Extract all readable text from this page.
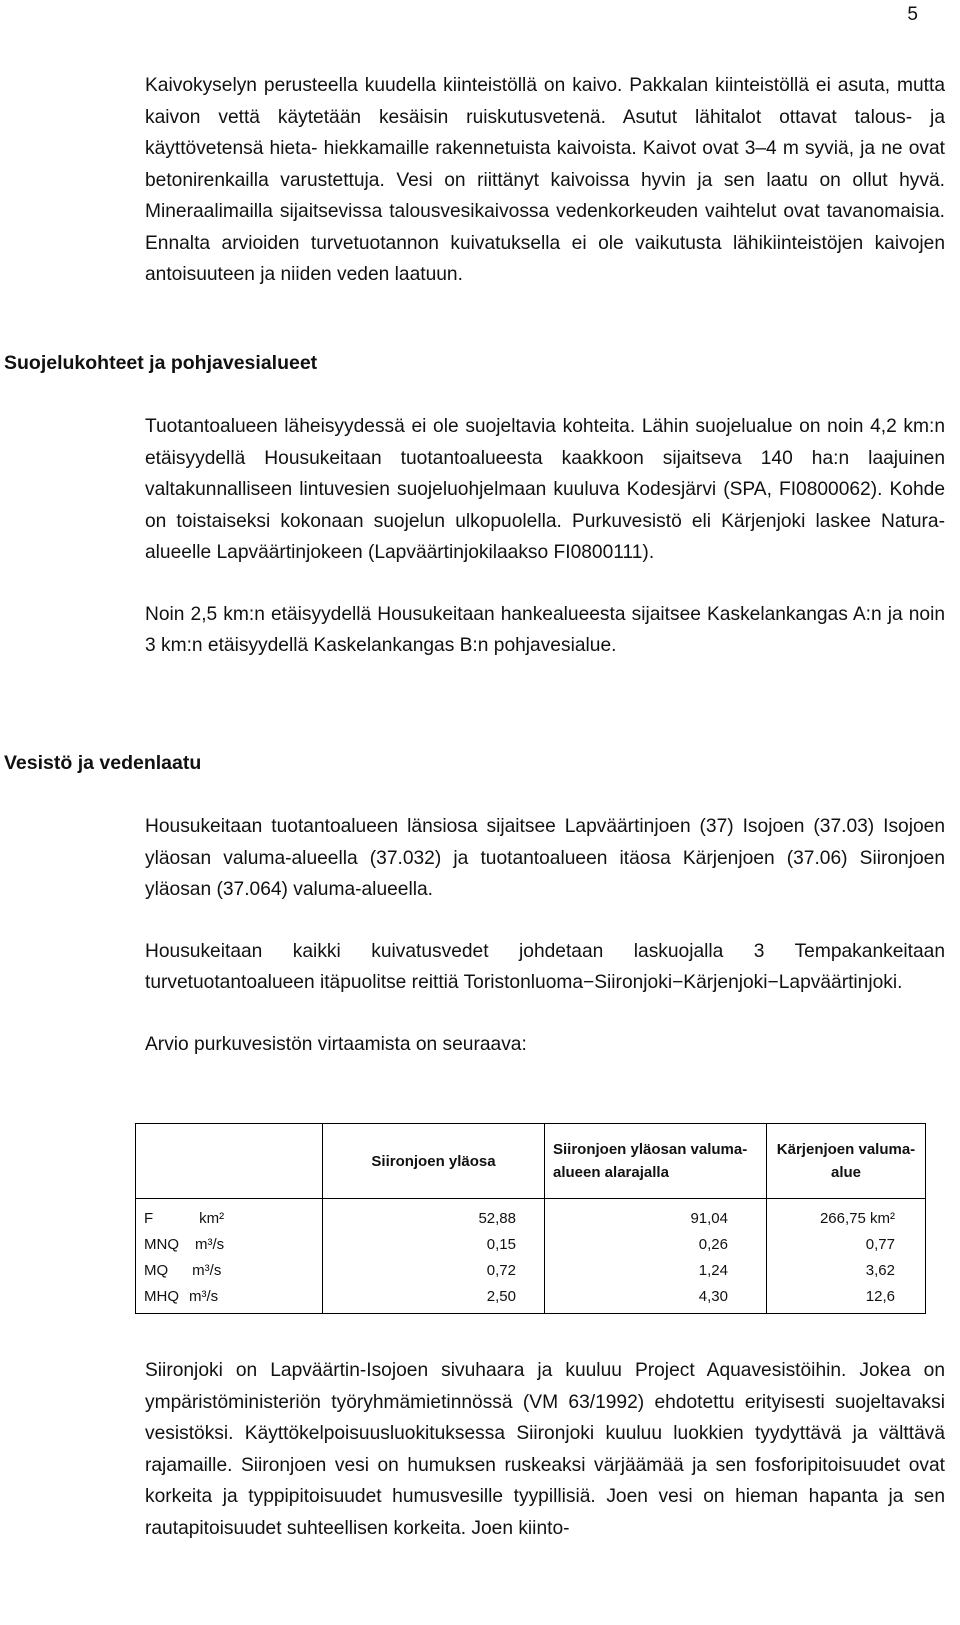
5

Kaivokyselyn perusteella kuudella kiinteistöllä on kaivo. Pakkalan kiinteistöllä ei asuta, mutta kaivon vettä käytetään kesäisin ruiskutusvetenä. Asutut lähitalot ottavat talous- ja käyttövetensä hieta- hiekkamaille rakennetuista kaivoista. Kaivot ovat 3–4 m syviä, ja ne ovat betonirenkailla varustettuja. Vesi on riittänyt kaivoissa hyvin ja sen laatu on ollut hyvä. Mineraalimailla sijaitsevissa talousvesikaivossa vedenkorkeuden vaihtelut ovat tavanomaisia. Ennalta arvioiden turvetuotannon kuivatuksella ei ole vaikutusta lähikiinteistöjen kaivojen antoisuuteen ja niiden veden laatuun.

Suojelukohteet ja pohjavesialueet

Tuotantoalueen läheisyydessä ei ole suojeltavia kohteita. Lähin suojelualue on noin 4,2 km:n etäisyydellä Housukeitaan tuotantoalueesta kaakkoon sijaitseva 140 ha:n laajuinen valtakunnalliseen lintuvesien suojeluohjelmaan kuuluva Kodesjärvi (SPA, FI0800062). Kohde on toistaiseksi kokonaan suojelun ulkopuolella. Purkuvesistö eli Kärjenjoki laskee Natura-alueelle Lapväärtinjokeen (Lapväärtinjokilaakso FI0800111).

Noin 2,5 km:n etäisyydellä Housukeitaan hankealueesta sijaitsee Kaskelankangas A:n ja noin 3 km:n etäisyydellä Kaskelankangas B:n pohjavesialue.

Vesistö ja vedenlaatu

Housukeitaan tuotantoalueen länsiosa sijaitsee Lapväärtinjoen (37) Isojoen (37.03) Isojoen yläosan valuma-alueella (37.032) ja tuotantoalueen itäosa Kärjenjoen (37.06) Siironjoen yläosan (37.064) valuma-alueella.

Housukeitaan kaikki kuivatusvedet johdetaan laskuojalla 3 Tempakankeitaan turvetuotantoalueen itäpuolitse reittiä Toristonluoma−Siironjoki−Kärjenjoki−Lapväärtinjoki.

Arvio purkuvesistön virtaamista on seuraava:

	Siironjoen yläosa	Siironjoen yläosan valuma-alueen alarajalla	Kärjenjoen valuma-alue
F km²	52,88	91,04	266,75 km²
MNQ m³/s	0,15	0,26	0,77
MQ m³/s	0,72	1,24	3,62
MHQ m³/s	2,50	4,30	12,6

Siironjoki on Lapväärtin-Isojoen sivuhaara ja kuuluu Project Aquavesistöihin. Jokea on ympäristöministeriön työryhmämietinnössä (VM 63/1992) ehdotettu erityisesti suojeltavaksi vesistöksi. Käyttökelpoisuusluokituksessa Siironjoki kuuluu luokkien tyydyttävä ja välttävä rajamaille. Siironjoen vesi on humuksen ruskeaksi värjäämää ja sen fosforipitoisuudet ovat korkeita ja typpipitoisuudet humusvesille tyypillisiä. Joen vesi on hieman hapanta ja sen rautapitoisuudet suhteellisen korkeita. Joen kiinto-
